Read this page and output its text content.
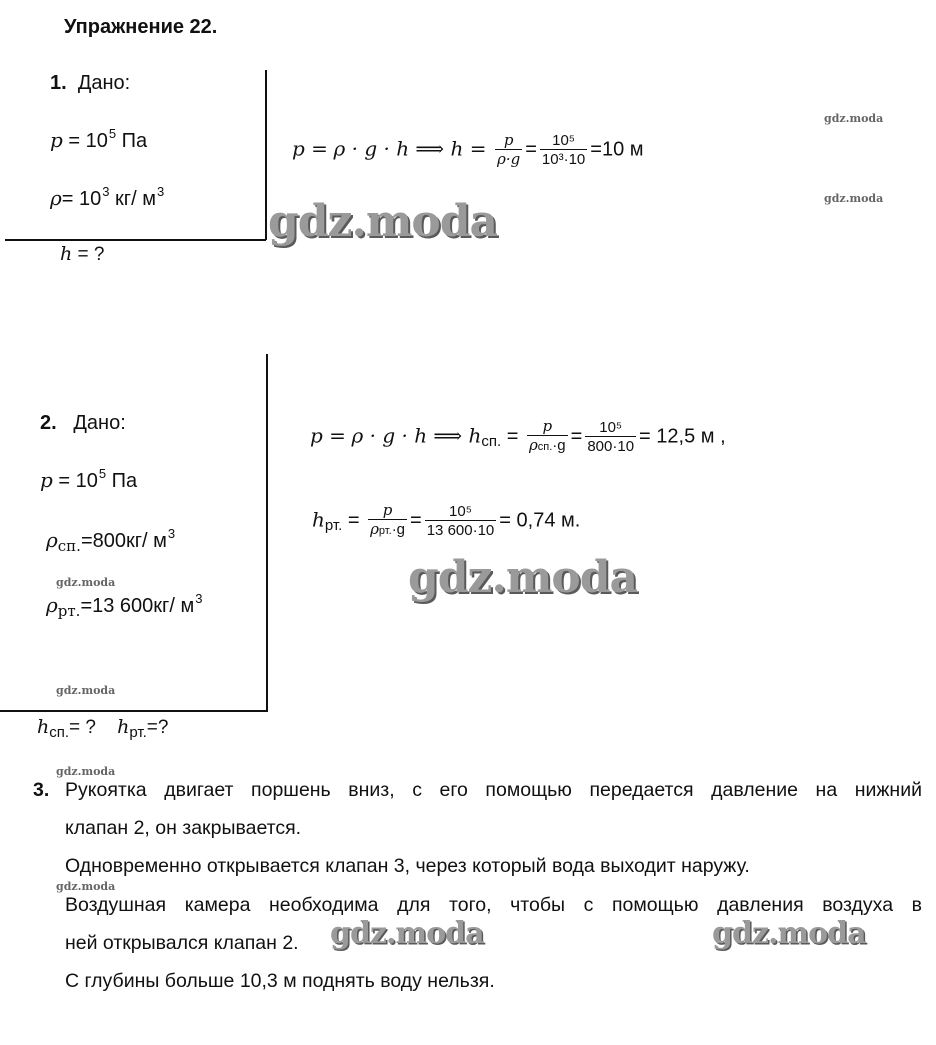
Упражнение 22.
1. Дано:
$p = 10^5$ Па
$\rho= 10^3$ кг/ $м^3$
h = ?
p = ρ · g · h ⟹ $h = \frac{p}{\rho\cdot g} = \frac{\text{10⁵}}{\text{10³·10}} =10$ м
gdz.moda
gdz.moda
gdz.moda
2. Дано:
$p = 10^5$ Па
$\rho_{сп.}=800кг/$ $м^3$
gdz.moda
$\rho_{рт.}=13$ 600кг/ $м^3$
gdz.moda
$h_{сп.}=$ ? $h_{рт.}=$?
p = ρ · g · h ⟹ $h_{сп.} = \frac{p}{\text{ρсп.·g}} = \frac{\text{10⁵}}{800\cdot 10} = 12,5$ м ,
$h_{рт.} = \frac{p}{\text{ρрт.·g}} = \frac{\text{10⁵}}{13 600\cdot 10} = 0,74$ м.
gdz.moda
gdz.moda
3. Рукоятка двигает поршень вниз, с его помощью передается давление на нижний
клапан 2, он закрывается.
Одновременно открывается клапан 3, через который вода выходит наружу.
gdz.moda
Воздушная камера необходима для того, чтобы с помощью давления воздуха в
ней открывался клапан 2. gdz.moda	gdz.moda
С глубины больше 10,3 м поднять воду нельзя.
